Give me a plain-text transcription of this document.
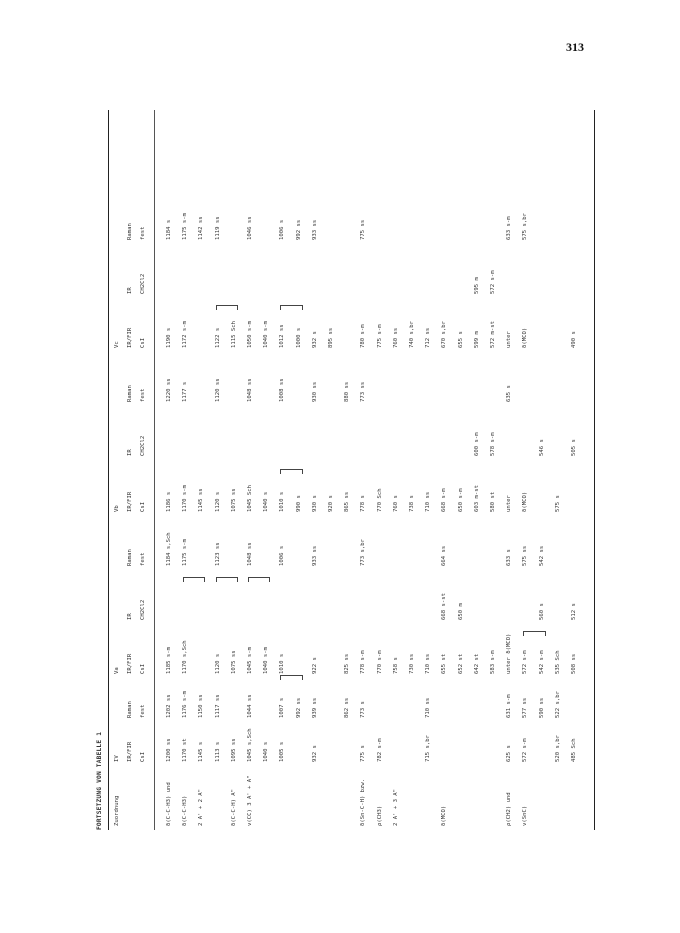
313
FORTSETZUNG VON TABELLE 1 Zuordnung
IV
Va
Vb
Vc
IR/FIR
Raman
IR/FIR
IR
Raman
IR/FIR
IR
Raman
IR/FIR
IR
Raman
CsI
fest
CsI
CH2Cl2
fest
CsI
CH2Cl2
fest
CsI
CH2Cl2
fest
δ(C-C-H3) und
1200 ss
1202 ss
1185 s-m
1184 s,Sch
1186 s
1220 ss
1190 s
1184 s
δ(C-C-H3)
1170 st
1176 s-m
1170 s,Sch
1175 s-m
1170 s-m
1177 s
1172 s-m
1175 s-m
2 A' + 2 A"
1145 s
1150 ss
1145 ss
1142 ss
1113 s
1117 ss
1120 s
1123 ss
1120 s
1120 ss
1122 s
1119 ss
δ(C-C-H) A"
1095 ss
1075 ss
1075 ss
1115 Sch
ν(CC) 3 A' + A"
1045 s,Sch
1044 ss
1045 s-m
1048 ss
1045 Sch
1048 ss
1050 s-m
1046 ss
1040 s
1040 s-m
1040 s
1040 s-m
1005 s
1007 s
1010 s
1006 s
1010 s
1008 ss
1012 ss
1006 s
992 ss
990 s
1000 s
992 ss
932 s
939 ss
922 s
933 ss
930 s
930 ss
932 s
933 ss
920 s
895 ss
862 ss
825 ss
865 ss
880 ss
δ(Sn-C-H) bzw.
775 s
773 s
778 s-m
773 s,br
778 s
773 ss
780 s-m
775 ss
ρ(CH3)
782 s-m
770 s-m
770 Sch
775 s-m
2 A' + 3 A"
758 s
760 s
760 ss
730 ss
738 s
740 s,br
715 s,br
710 ss
710 ss
710 ss
712 ss
δ(MCO)
655 st
668 s-st
664 ss
668 s-m
670 s,br
652 st
650 m
650 s-m
655 s
642 st
603 m-st
600 s-m
599 m
595 m
583 s-m
580 st
578 s-m
572 m-st
572 s-m
ρ(CH2) und
625 s
631 s-m
unter δ(MCO)
633 s
unter
635 s
unter
633 s-m
ν(SnC)
572 s-m
577 ss
572 s-m
575 ss
δ(MCO)
δ(MCO)
575 s,br
590 ss
542 s-m
560 s
542 ss
546 s
520 s,br
522 s,br
535 Sch
575 s
485 Sch
508 ss
512 s
505 s
490 s
